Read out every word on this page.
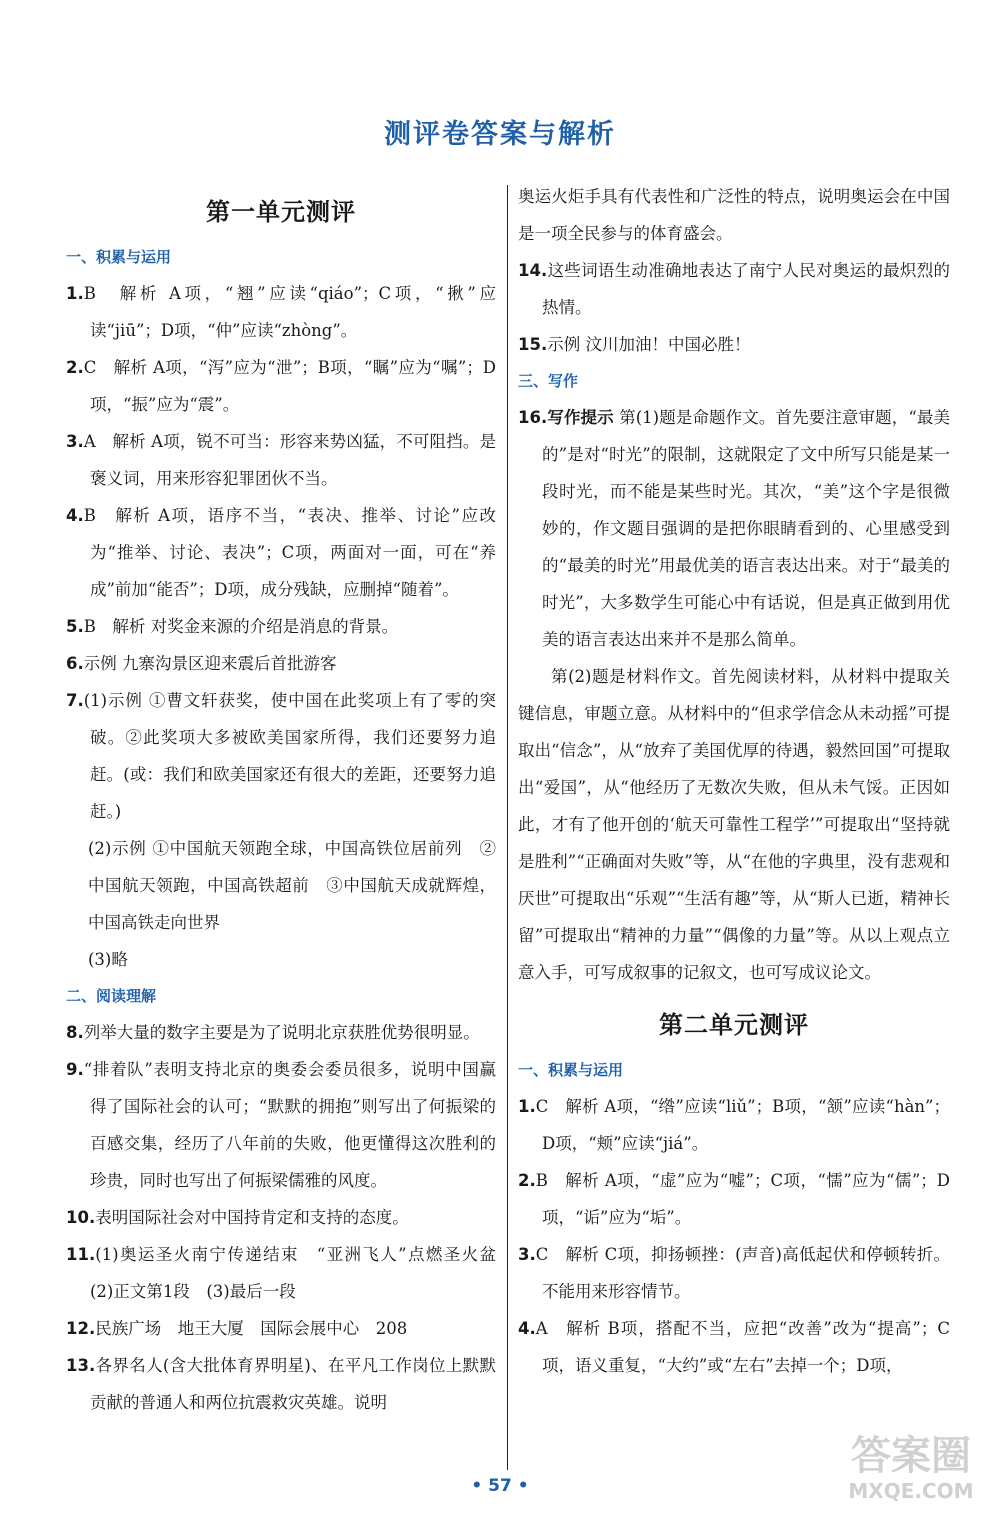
测评卷答案与解析
第一单元测评
一、积累与运用
1.B　解析 A项，“翘”应读“qiáo”；C项，“揪”应读“jiū”；D项，“仲”应读“zhòng”。
2.C　解析 A项，“泻”应为“泄”；B项，“瞩”应为“嘱”；D项，“振”应为“震”。
3.A　解析 A项，锐不可当：形容来势凶猛，不可阻挡。是褒义词，用来形容犯罪团伙不当。
4.B　解析 A项，语序不当，“表决、推举、讨论”应改为“推举、讨论、表决”；C项，两面对一面，可在“养成”前加“能否”；D项，成分残缺，应删掉“随着”。
5.B　解析 对奖金来源的介绍是消息的背景。
6.示例 九寨沟景区迎来震后首批游客
7.(1)示例 ①曹文轩获奖，使中国在此奖项上有了零的突破。②此奖项大多被欧美国家所得，我们还要努力追赶。(或：我们和欧美国家还有很大的差距，还要努力追赶。)
(2)示例 ①中国航天领跑全球，中国高铁位居前列　②中国航天领跑，中国高铁超前　③中国航天成就辉煌，中国高铁走向世界
(3)略
二、阅读理解
8.列举大量的数字主要是为了说明北京获胜优势很明显。
9.“排着队”表明支持北京的奥委会委员很多，说明中国赢得了国际社会的认可；“默默的拥抱”则写出了何振梁的百感交集，经历了八年前的失败，他更懂得这次胜利的珍贵，同时也写出了何振梁儒雅的风度。
10.表明国际社会对中国持肯定和支持的态度。
11.(1)奥运圣火南宁传递结束　“亚洲飞人”点燃圣火盆　(2)正文第1段　(3)最后一段
12.民族广场　地王大厦　国际会展中心　208
13.各界名人(含大批体育界明星)、在平凡工作岗位上默默贡献的普通人和两位抗震救灾英雄。说明
奥运火炬手具有代表性和广泛性的特点，说明奥运会在中国是一项全民参与的体育盛会。
14.这些词语生动准确地表达了南宁人民对奥运的最炽烈的热情。
15.示例 汶川加油！中国必胜！
三、写作
16.写作提示 第(1)题是命题作文。首先要注意审题，“最美的”是对“时光”的限制，这就限定了文中所写只能是某一段时光，而不能是某些时光。其次，“美”这个字是很微妙的，作文题目强调的是把你眼睛看到的、心里感受到的“最美的时光”用最优美的语言表达出来。对于“最美的时光”，大多数学生可能心中有话说，但是真正做到用优美的语言表达出来并不是那么简单。
第(2)题是材料作文。首先阅读材料，从材料中提取关键信息，审题立意。从材料中的“但求学信念从未动摇”可提取出“信念”，从“放弃了美国优厚的待遇，毅然回国”可提取出“爱国”，从“他经历了无数次失败，但从未气馁。正因如此，才有了他开创的‘航天可靠性工程学’”可提取出“坚持就是胜利”“正确面对失败”等，从“在他的字典里，没有悲观和厌世”可提取出“乐观”“生活有趣”等，从“斯人已逝，精神长留”可提取出“精神的力量”“偶像的力量”等。从以上观点立意入手，可写成叙事的记叙文，也可写成议论文。
第二单元测评
一、积累与运用
1.C　解析 A项，“绺”应读“liǔ”；B项，“颔”应读“hàn”；D项，“颊”应读“jiá”。
2.B　解析 A项，“虚”应为“嘘”；C项，“懦”应为“儒”；D项，“诟”应为“垢”。
3.C　解析 C项，抑扬顿挫：(声音)高低起伏和停顿转折。不能用来形容情节。
4.A　解析 B项，搭配不当，应把“改善”改为“提高”；C项，语义重复，“大约”或“左右”去掉一个；D项，
• 57 •
答案圈
MXQE.COM
